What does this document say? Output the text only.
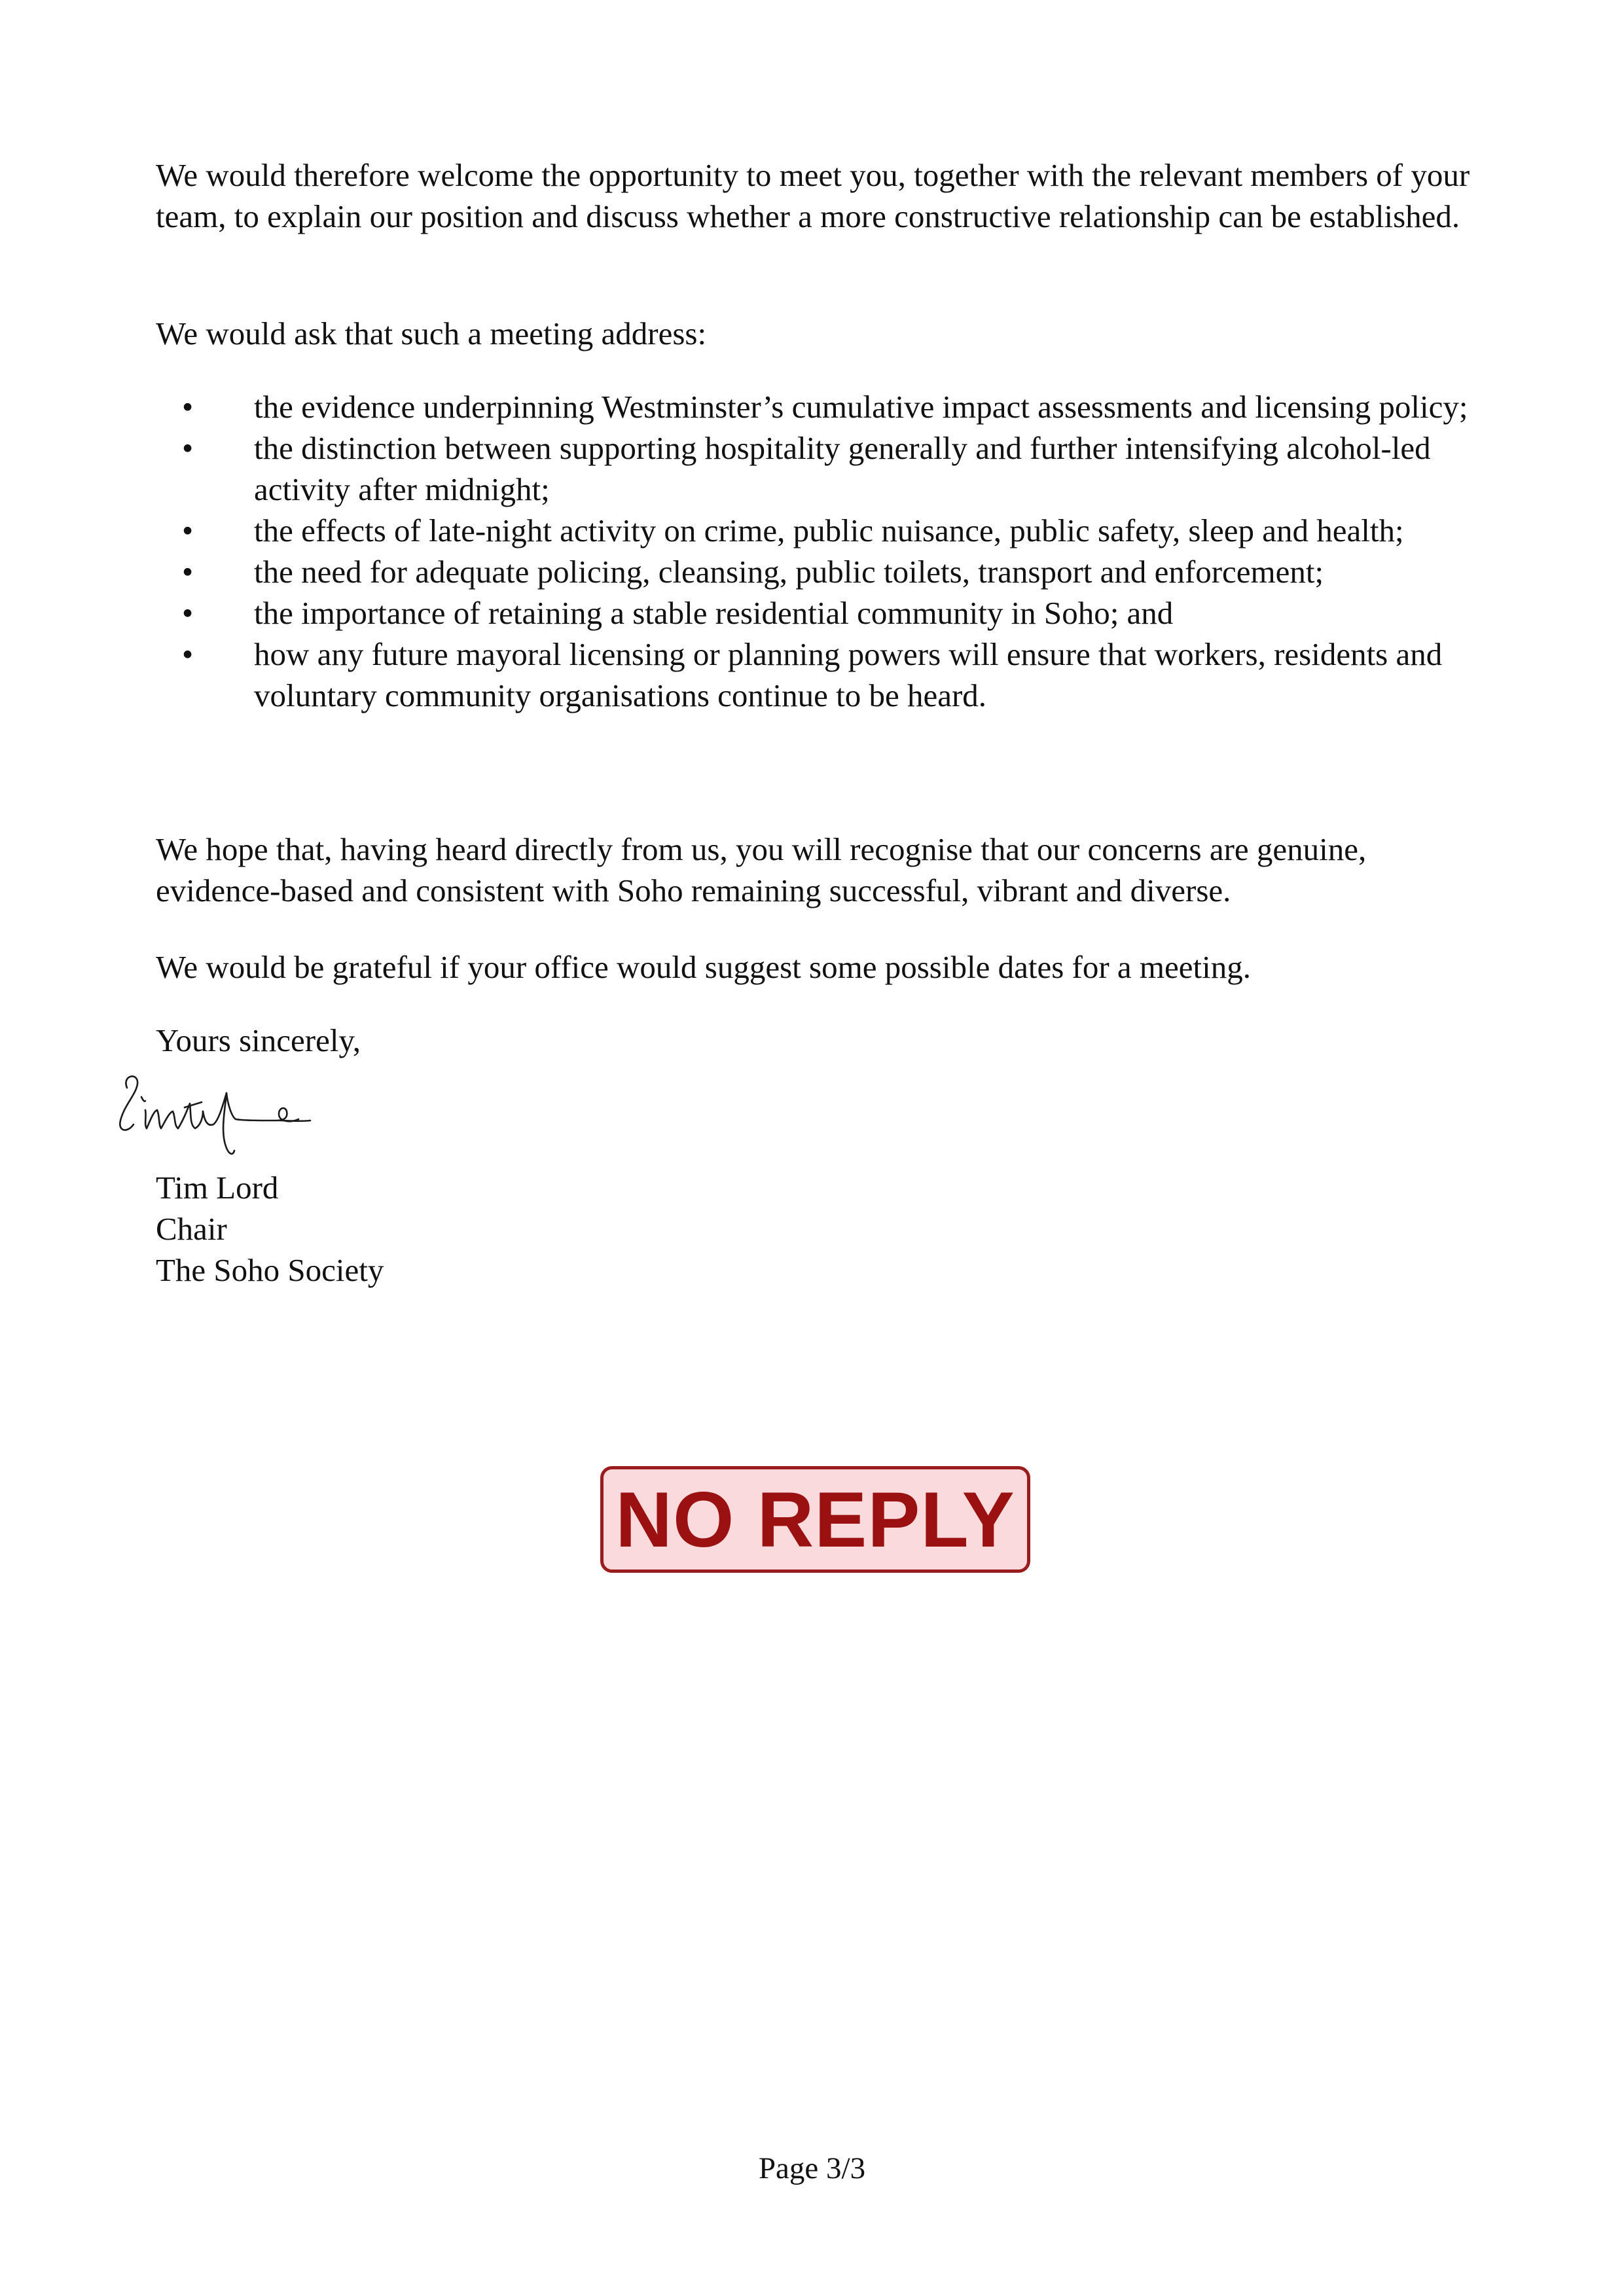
We would therefore welcome the opportunity to meet you, together with the relevant members of your team, to explain our position and discuss whether a more constructive relationship can be established.

We would ask that such a meeting address:

• the evidence underpinning Westminster’s cumulative impact assessments and licensing policy;
• the distinction between supporting hospitality generally and further intensifying alcohol-led activity after midnight;
• the effects of late-night activity on crime, public nuisance, public safety, sleep and health;
• the need for adequate policing, cleansing, public toilets, transport and enforcement;
• the importance of retaining a stable residential community in Soho; and
• how any future mayoral licensing or planning powers will ensure that workers, residents and voluntary community organisations continue to be heard.

We hope that, having heard directly from us, you will recognise that our concerns are genuine, evidence-based and consistent with Soho remaining successful, vibrant and diverse.

We would be grateful if your office would suggest some possible dates for a meeting.

Yours sincerely,

Tim Lord
Chair
The Soho Society
NO REPLY
Page 3/3
